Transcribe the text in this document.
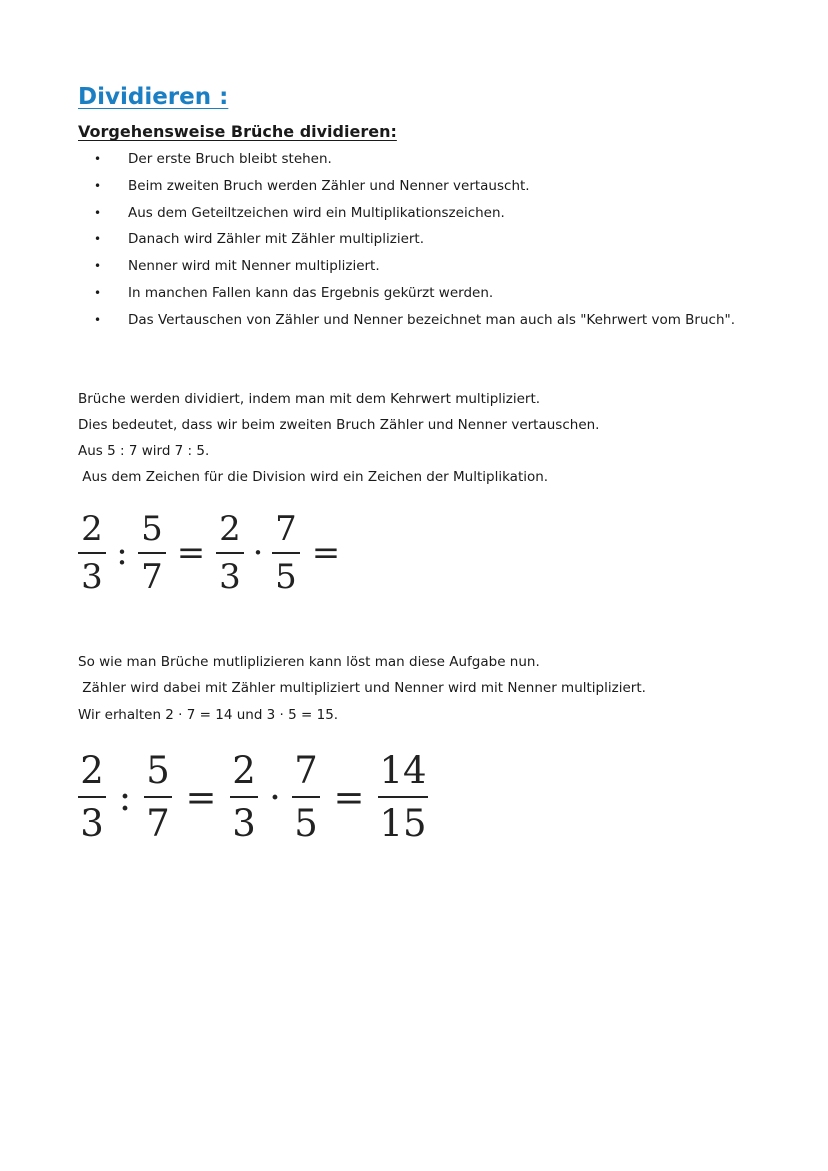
Dividieren :
Vorgehensweise Brüche dividieren:
• Der erste Bruch bleibt stehen.
• Beim zweiten Bruch werden Zähler und Nenner vertauscht.
• Aus dem Geteiltzeichen wird ein Multiplikationszeichen.
• Danach wird Zähler mit Zähler multipliziert.
• Nenner wird mit Nenner multipliziert.
• In manchen Fallen kann das Ergebnis gekürzt werden.
• Das Vertauschen von Zähler und Nenner bezeichnet man auch als "Kehrwert vom Bruch".
Brüche werden dividiert, indem man mit dem Kehrwert multipliziert.
Dies bedeutet, dass wir beim zweiten Bruch Zähler und Nenner vertauschen.
Aus 5 : 7 wird 7 : 5.
Aus dem Zeichen für die Division wird ein Zeichen der Multiplikation.
$\frac{2}{3}$ : $\frac{5}{7} = \frac{2}{3} \cdot \frac{7}{5}$ =
So wie man Brüche mutliplizieren kann löst man diese Aufgabe nun.
Zähler wird dabei mit Zähler multipliziert und Nenner wird mit Nenner multipliziert.
Wir erhalten 2 · 7 = 14 und 3 · 5 = 15.
$\frac{2}{3}$ : $\frac{5}{7} = \frac{2}{3} \cdot \frac{7}{5} = \frac{14}{15}$
